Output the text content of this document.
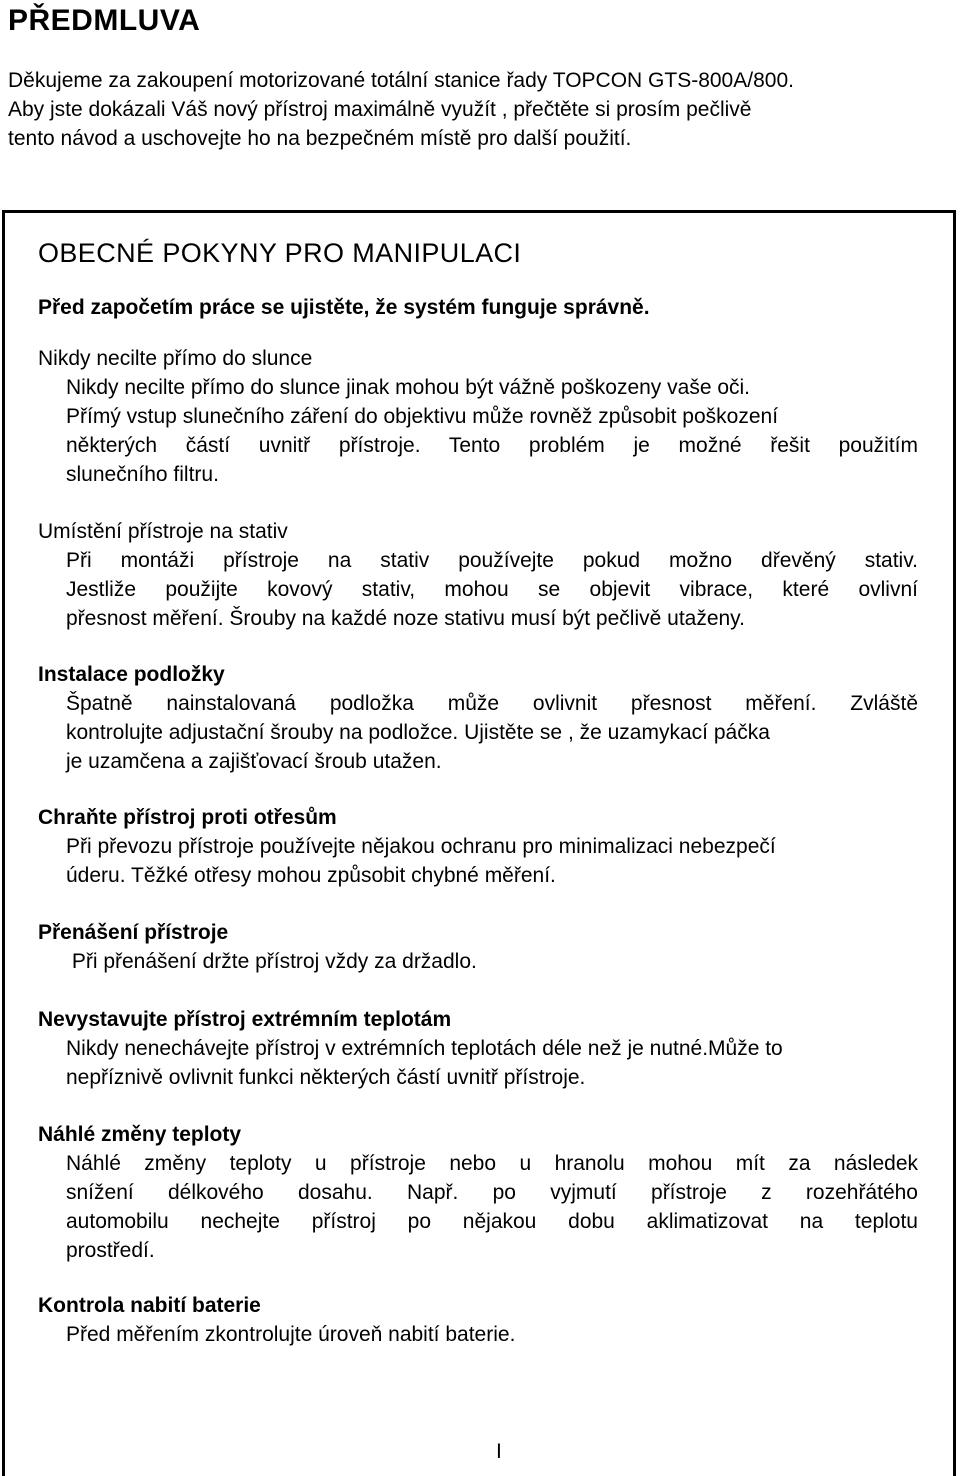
PŘEDMLUVA

Děkujeme za zakoupení motorizované totální stanice řady TOPCON GTS-800A/800.

Aby jste dokázali Váš nový přístroj maximálně využít , přečtěte si prosím pečlivě

tento návod a uschovejte ho na bezpečném místě pro další použití.

OBECNÉ POKYNY PRO MANIPULACI
Před započetím práce se ujistěte, že systém funguje správně.
Nikdy necilte přímo do slunce
Nikdy necilte přímo do slunce jinak mohou být vážně poškozeny vaše oči.
Přímý vstup slunečního záření do objektivu může rovněž způsobit poškození
některých částí uvnitř přístroje. Tento problém je možné řešit použitím
slunečního filtru.
Umístění přístroje na stativ
Při montáži přístroje na stativ používejte pokud možno dřevěný stativ.
Jestliže použijte kovový stativ, mohou se objevit vibrace, které ovlivní
přesnost měření. Šrouby na každé noze stativu musí být pečlivě utaženy.
Instalace podložky
Špatně nainstalovaná podložka může ovlivnit přesnost měření. Zvláště
kontrolujte adjustační šrouby na podložce. Ujistěte se , že uzamykací páčka
je uzamčena a zajišťovací šroub utažen.
Chraňte přístroj proti otřesům
Při převozu přístroje používejte nějakou ochranu pro minimalizaci nebezpečí
úderu. Těžké otřesy mohou způsobit chybné měření.
Přenášení přístroje
Při přenášení držte přístroj vždy za držadlo.
Nevystavujte přístroj extrémním teplotám
Nikdy nenechávejte přístroj v extrémních teplotách déle než je nutné.Může to
nepříznivě ovlivnit funkci některých částí uvnitř přístroje.
Náhlé změny teploty
Náhlé změny teploty u přístroje nebo u hranolu mohou mít za následek
snížení délkového dosahu. Např. po vyjmutí přístroje z rozehřátého
automobilu nechejte přístroj po nějakou dobu aklimatizovat na teplotu
prostředí.
Kontrola nabití baterie
Před měřením zkontrolujte úroveň nabití baterie.
I
